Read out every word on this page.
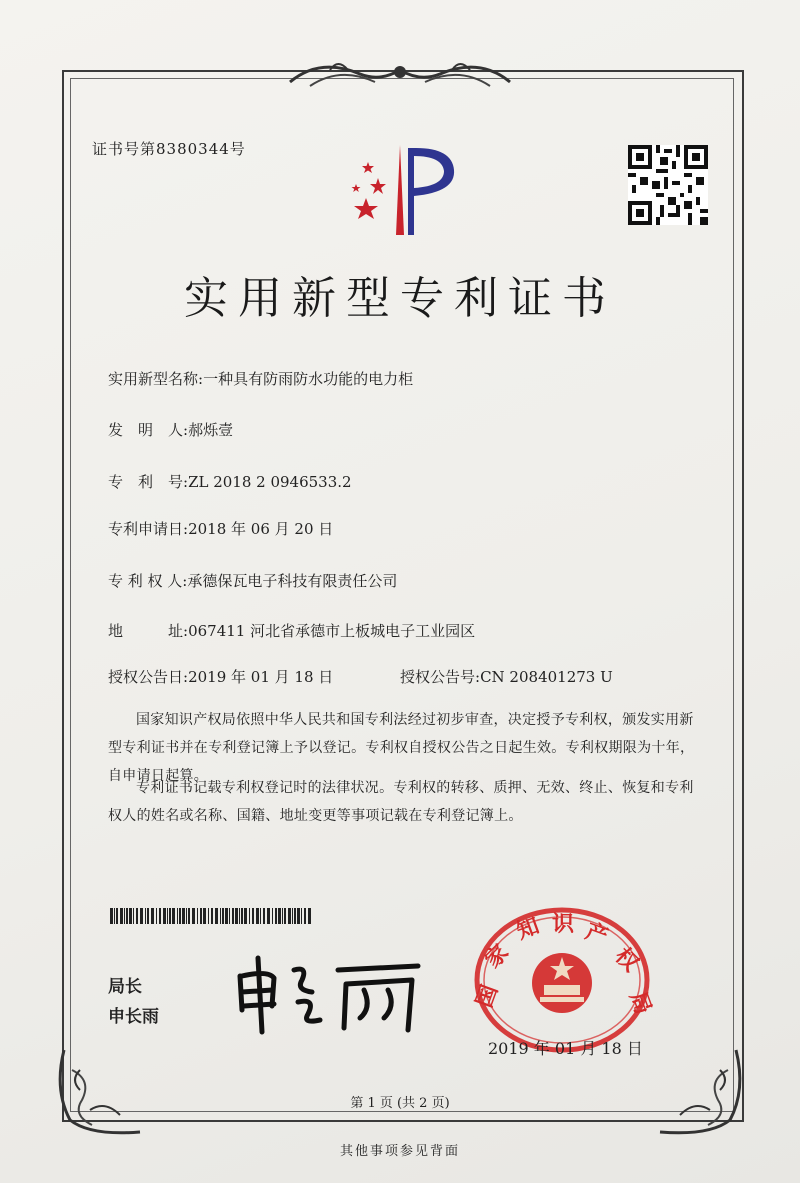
证书号第8380344号
实用新型专利证书
实用新型名称:一种具有防雨防水功能的电力柜
发　明　人:郝烁壹
专　利　号:ZL 2018 2 0946533.2
专利申请日:2018 年 06 月 20 日
专 利 权 人:承德保瓦电子科技有限责任公司
地　　　址:067411 河北省承德市上板城电子工业园区
授权公告日:2019 年 01 月 18 日	授权公告号:CN 208401273 U
国家知识产权局依照中华人民共和国专利法经过初步审查，决定授予专利权，颁发实用新型专利证书并在专利登记簿上予以登记。专利权自授权公告之日起生效。专利权期限为十年，自申请日起算。
专利证书记载专利权登记时的法律状况。专利权的转移、质押、无效、终止、恢复和专利权人的姓名或名称、国籍、地址变更等事项记载在专利登记簿上。
局长
申长雨
国
家
知 识 产
权
局
2019 年 01 月 18 日
第 1 页 (共 2 页)
其他事项参见背面
